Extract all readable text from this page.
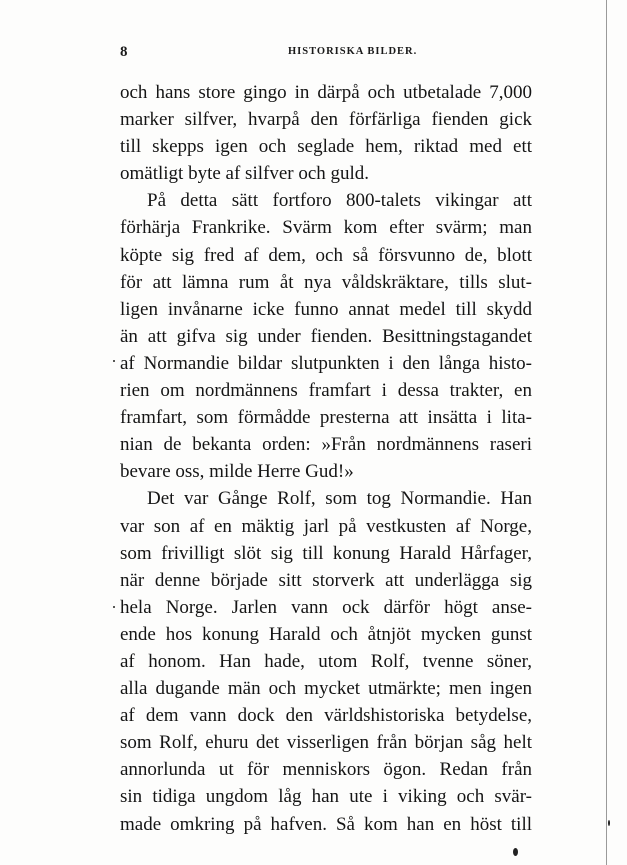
8	HISTORISKA BILDER.
och hans store gingo in därpå och utbetalade 7,000
marker silfver, hvarpå den förfärliga fienden gick
till skepps igen och seglade hem, riktad med ett
omätligt byte af silfver och guld.
På detta sätt fortforo 800-talets vikingar att
förhärja Frankrike. Svärm kom efter svärm; man
köpte sig fred af dem, och så försvunno de, blott
för att lämna rum åt nya våldskräktare, tills slut-
ligen invånarne icke funno annat medel till skydd
än att gifva sig under fienden. Besittningstagandet
af Normandie bildar slutpunkten i den långa histo-
rien om nordmännens framfart i dessa trakter, en
framfart, som förmådde presterna att insätta i lita-
nian de bekanta orden: »Från nordmännens raseri
bevare oss, milde Herre Gud!»
Det var Gånge Rolf, som tog Normandie. Han
var son af en mäktig jarl på vestkusten af Norge,
som frivilligt slöt sig till konung Harald Hårfager,
när denne började sitt storverk att underlägga sig
hela Norge. Jarlen vann ock därför högt anse-
ende hos konung Harald och åtnjöt mycken gunst
af honom. Han hade, utom Rolf, tvenne söner,
alla dugande män och mycket utmärkte; men ingen
af dem vann dock den världshistoriska betydelse,
som Rolf, ehuru det visserligen från början såg helt
annorlunda ut för menniskors ögon. Redan från
sin tidiga ungdom låg han ute i viking och svär-
made omkring på hafven. Så kom han en höst till
